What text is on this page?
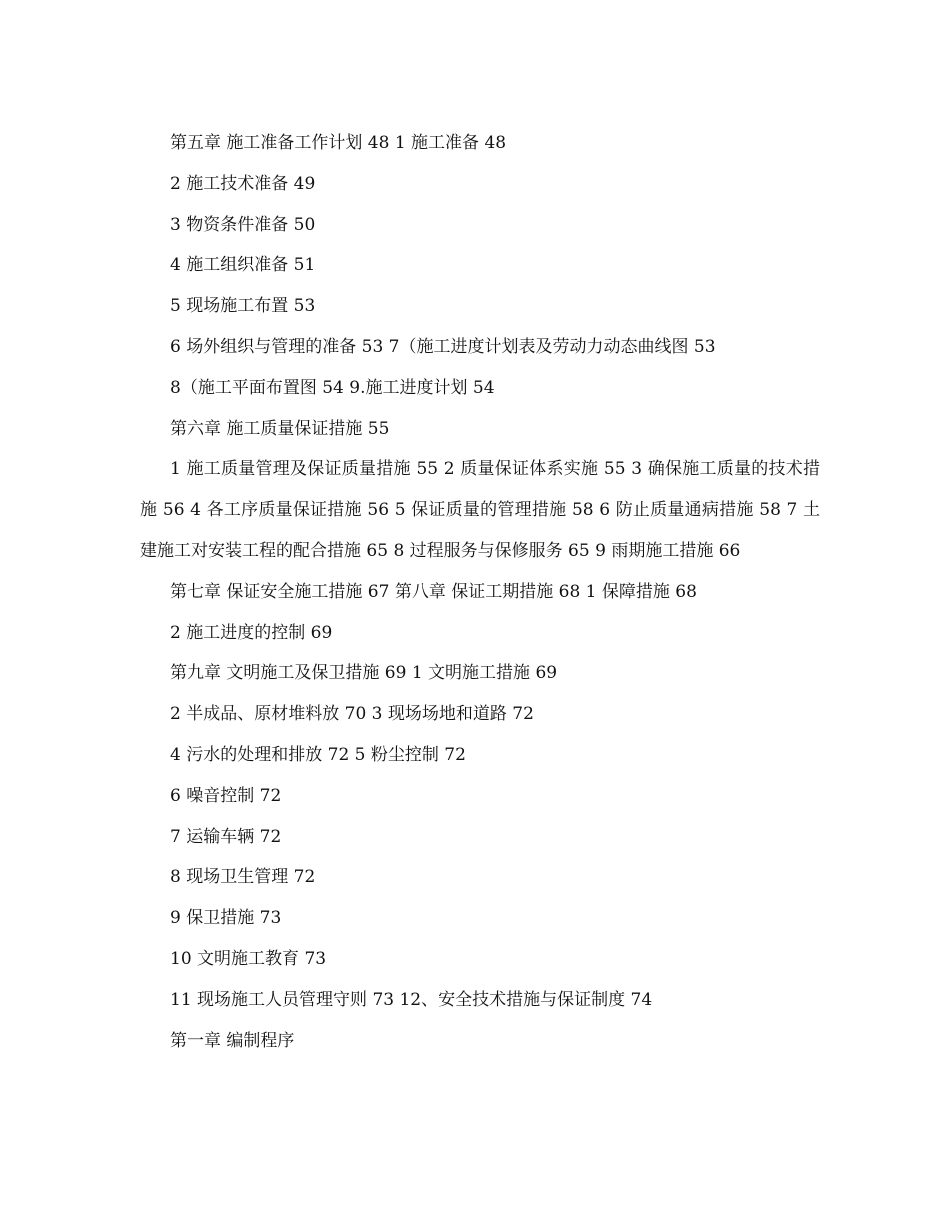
第五章 施工准备工作计划 48 1 施工准备 48

2 施工技术准备 49

3 物资条件准备 50

4 施工组织准备 51

5 现场施工布置 53

6 场外组织与管理的准备 53 7（施工进度计划表及劳动力动态曲线图 53

8（施工平面布置图 54 9.施工进度计划 54

第六章 施工质量保证措施 55

1 施工质量管理及保证质量措施 55 2 质量保证体系实施 55 3 确保施工质量的技术措施 56 4 各工序质量保证措施 56 5 保证质量的管理措施 58 6 防止质量通病措施 58 7 土建施工对安装工程的配合措施 65 8 过程服务与保修服务 65 9 雨期施工措施 66

第七章 保证安全施工措施 67 第八章 保证工期措施 68 1 保障措施 68

2 施工进度的控制 69

第九章 文明施工及保卫措施 69 1 文明施工措施 69

2 半成品、原材堆料放 70 3 现场场地和道路 72

4 污水的处理和排放 72 5 粉尘控制 72

6 噪音控制 72

7 运输车辆 72

8 现场卫生管理 72

9 保卫措施 73

10 文明施工教育 73

11 现场施工人员管理守则 73 12、安全技术措施与保证制度 74

第一章 编制程序
